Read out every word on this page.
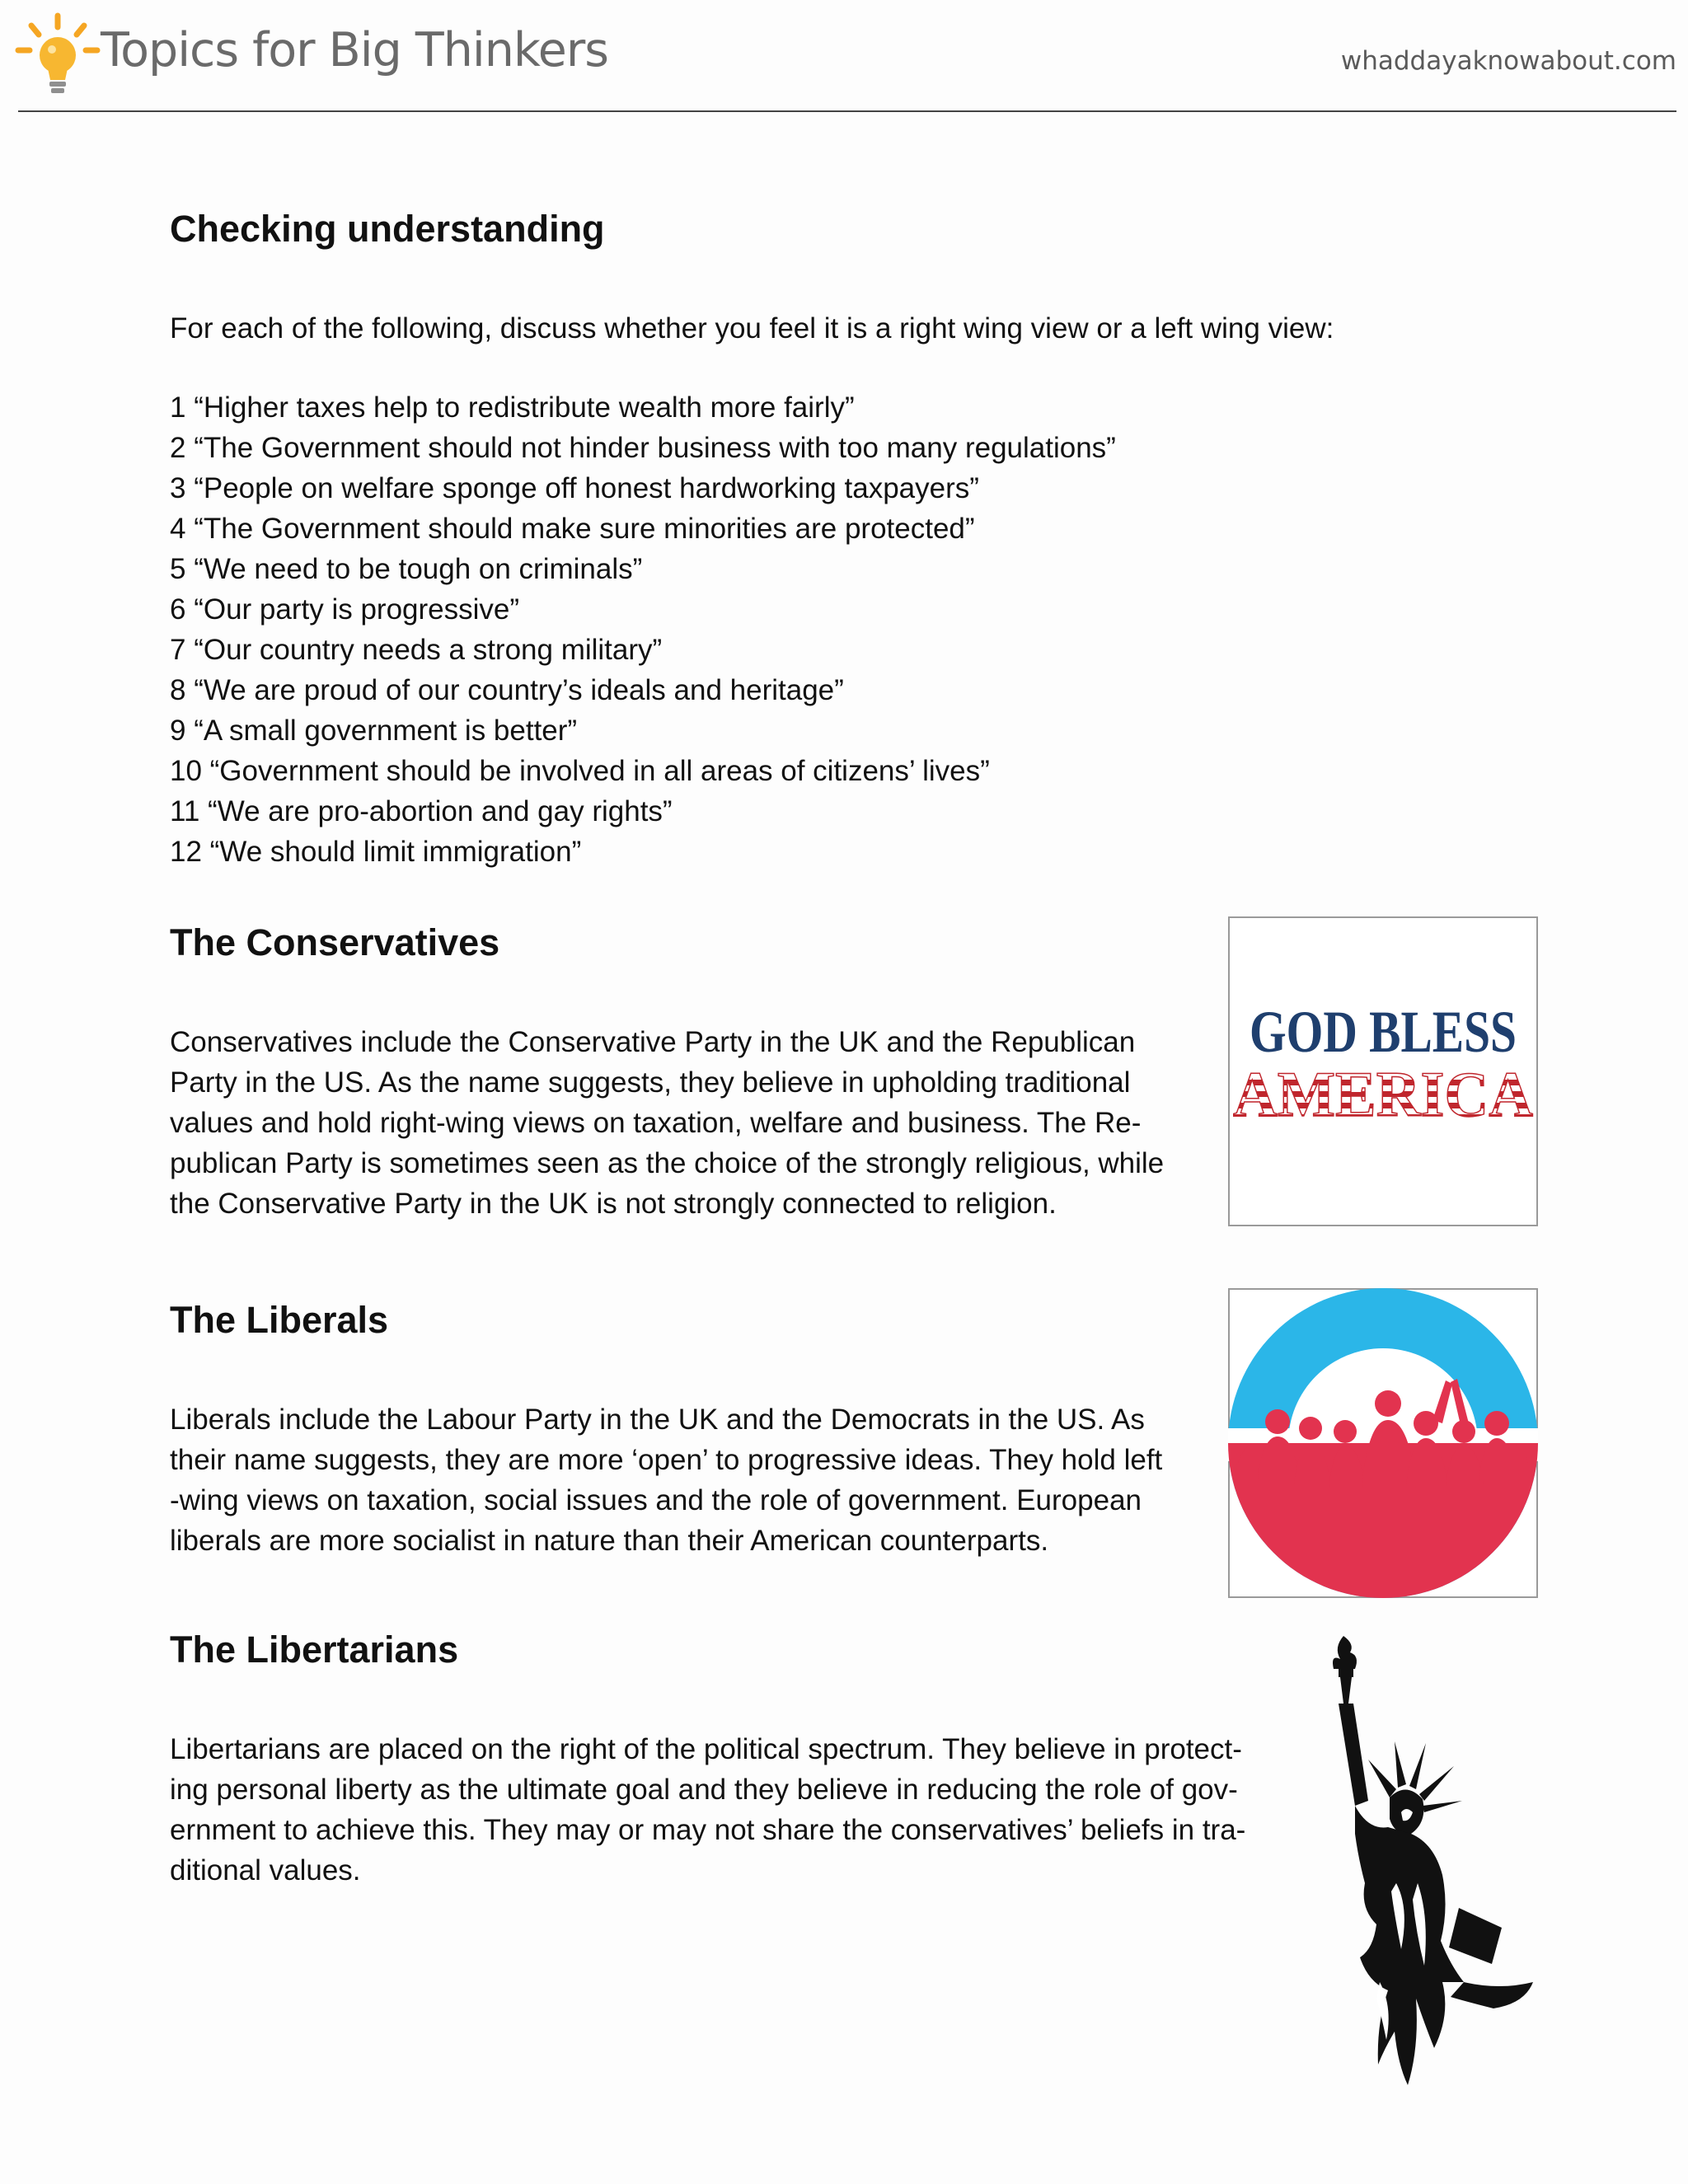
Topics for Big Thinkers	whaddayaknowabout.com
Checking understanding
For each of the following, discuss whether you feel it is a right wing view or a left wing view:
1 “Higher taxes help to redistribute wealth more fairly”
2 “The Government should not hinder business with too many regulations”
3 “People on welfare sponge off honest hardworking taxpayers”
4 “The Government should make sure minorities are protected”
5 “We need to be tough on criminals”
6 “Our party is progressive”
7 “Our country needs a strong military”
8 “We are proud of our country’s ideals and heritage”
9 “A small government is better”
10 “Government should be involved in all areas of citizens’ lives”
11 “We are pro-abortion and gay rights”
12 “We should limit immigration”
The Conservatives
Conservatives include the Conservative Party in the UK and the Republican
Party in the US. As the name suggests, they believe in upholding traditional
values and hold right-wing views on taxation, welfare and business. The Re-
publican Party is sometimes seen as the choice of the strongly religious, while
the Conservative Party in the UK is not strongly connected to religion.
GOD BLESS
AMERICA
The Liberals
Liberals include the Labour Party in the UK and the Democrats in the US. As
their name suggests, they are more ‘open’ to progressive ideas. They hold left
-wing views on taxation, social issues and the role of government. European
liberals are more socialist in nature than their American counterparts.
The Libertarians
Libertarians are placed on the right of the political spectrum. They believe in protect-
ing personal liberty as the ultimate goal and they believe in reducing the role of gov-
ernment to achieve this. They may or may not share the conservatives’ beliefs in tra-
ditional values.
